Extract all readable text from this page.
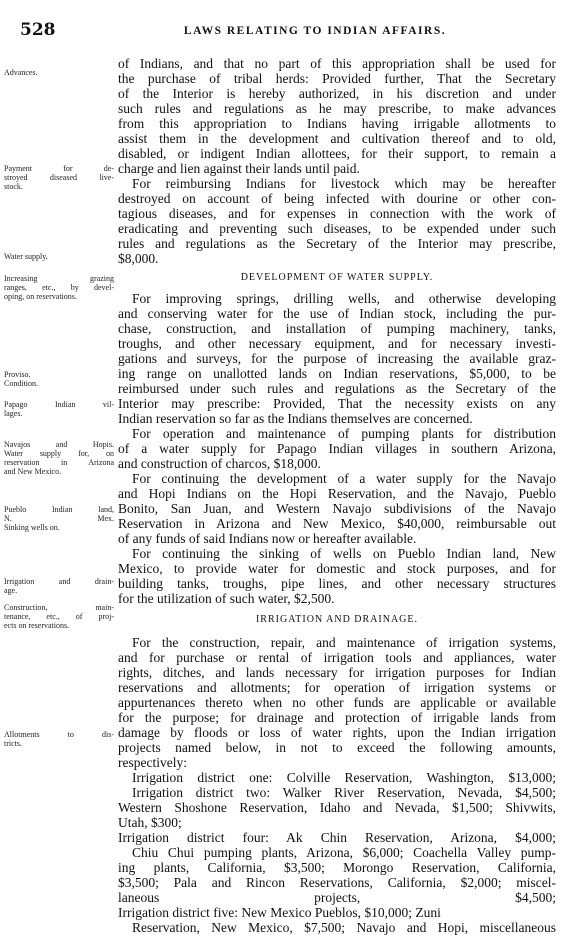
528	LAWS RELATING TO INDIAN AFFAIRS.
Advances.
Payment for de-
stroyed diseased live-
stock.
Water supply.
Increasing grazing
ranges, etc., by devel-
oping, on reservations.
Proviso.
Condition.
Papago Indian vil-
lages.
Navajos and Hopis.
Water supply for, on
reservation in Arizona
and New Mexico.
Pueblo Indian land,
N. Mex.
Sinking wells on.
Irrigation and drain-
age.
Construction, main-
tenance, etc., of proj-
ects on reservations.
Allotments to dis-
tricts.
of Indians, and that no part of this appropriation shall be used for
the purchase of tribal herds: Provided further, That the Secretary
of the Interior is hereby authorized, in his discretion and under
such rules and regulations as he may prescribe, to make advances
from this appropriation to Indians having irrigable allotments to
assist them in the development and cultivation thereof and to old,
disabled, or indigent Indian allottees, for their support, to remain a
charge and lien against their lands until paid.
For reimbursing Indians for livestock which may be hereafter
destroyed on account of being infected with dourine or other con-
tagious diseases, and for expenses in connection with the work of
eradicating and preventing such diseases, to be expended under such
rules and regulations as the Secretary of the Interior may prescribe,
$8,000.
DEVELOPMENT OF WATER SUPPLY.
For improving springs, drilling wells, and otherwise developing
and conserving water for the use of Indian stock, including the pur-
chase, construction, and installation of pumping machinery, tanks,
troughs, and other necessary equipment, and for necessary investi-
gations and surveys, for the purpose of increasing the available graz-
ing range on unallotted lands on Indian reservations, $5,000, to be
reimbursed under such rules and regulations as the Secretary of the
Interior may prescribe: Provided, That the necessity exists on any
Indian reservation so far as the Indians themselves are concerned.
For operation and maintenance of pumping plants for distribution
of a water supply for Papago Indian villages in southern Arizona,
and construction of charcos, $18,000.
For continuing the development of a water supply for the Navajo
and Hopi Indians on the Hopi Reservation, and the Navajo, Pueblo
Bonito, San Juan, and Western Navajo subdivisions of the Navajo
Reservation in Arizona and New Mexico, $40,000, reimbursable out
of any funds of said Indians now or hereafter available.
For continuing the sinking of wells on Pueblo Indian land, New
Mexico, to provide water for domestic and stock purposes, and for
building tanks, troughs, pipe lines, and other necessary structures
for the utilization of such water, $2,500.
IRRIGATION AND DRAINAGE.
For the construction, repair, and maintenance of irrigation systems,
and for purchase or rental of irrigation tools and appliances, water
rights, ditches, and lands necessary for irrigation purposes for Indian
reservations and allotments; for operation of irrigation systems or
appurtenances thereto when no other funds are applicable or available
for the purpose; for drainage and protection of irrigable lands from
damage by floods or loss of water rights, upon the Indian irrigation
projects named below, in not to exceed the following amounts,
respectively:
Irrigation district one: Colville Reservation, Washington, $13,000;
Irrigation district two: Walker River Reservation, Nevada, $4,500;
Western Shoshone Reservation, Idaho and Nevada, $1,500; Shivwits,
Utah, $300;
Irrigation district four: Ak Chin Reservation, Arizona, $4,000;
Chiu Chui pumping plants, Arizona, $6,000; Coachella Valley pump-
ing plants, California, $3,500; Morongo Reservation, California,
$3,500; Pala and Rincon Reservations, California, $2,000; miscel-
laneous projects, $4,500;
Irrigation district five: New Mexico Pueblos, $10,000; Zuni
Reservation, New Mexico, $7,500; Navajo and Hopi, miscellaneous
